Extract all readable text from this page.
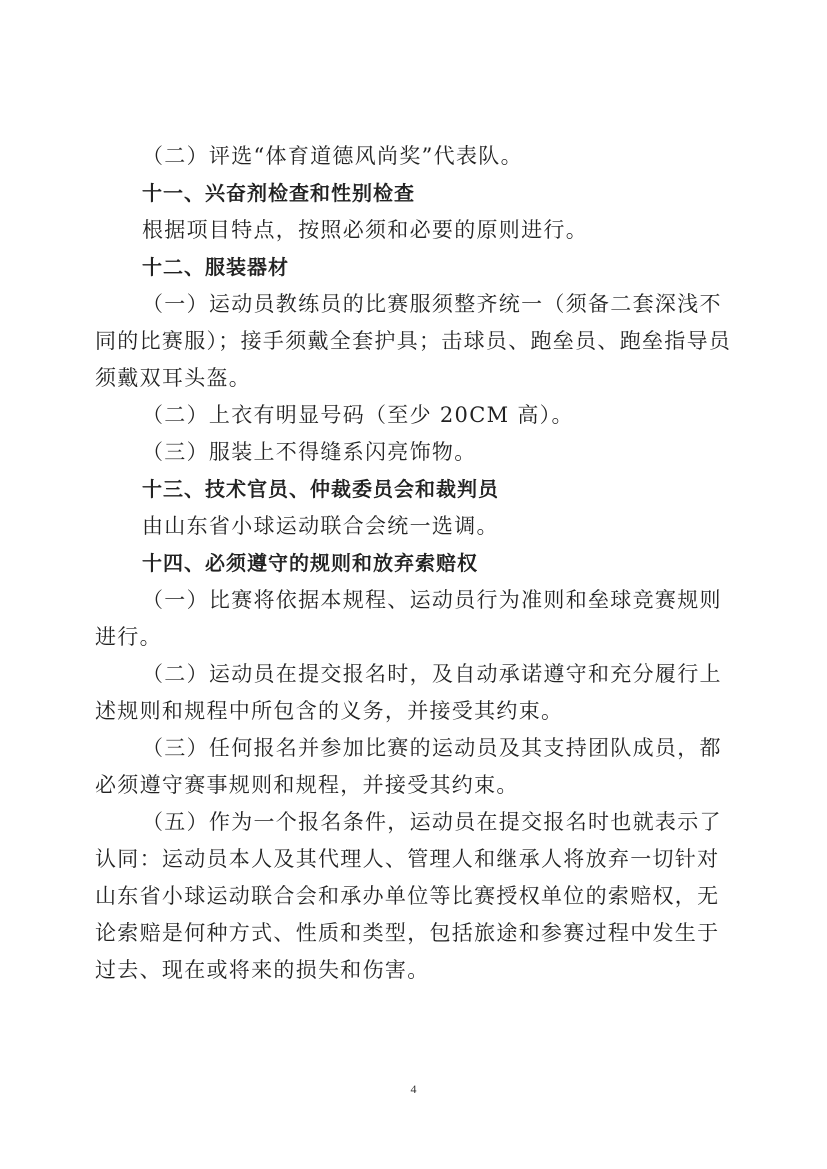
（二）评选“体育道德风尚奖”代表队。
十一、兴奋剂检查和性别检查
根据项目特点，按照必须和必要的原则进行。
十二、服装器材
（一）运动员教练员的比赛服须整齐统一（须备二套深浅不
同的比赛服）；接手须戴全套护具；击球员、跑垒员、跑垒指导员
须戴双耳头盔。
（二）上衣有明显号码（至少 20CM 高）。
（三）服装上不得缝系闪亮饰物。
十三、技术官员、仲裁委员会和裁判员
由山东省小球运动联合会统一选调。
十四、必须遵守的规则和放弃索赔权
（一）比赛将依据本规程、运动员行为准则和垒球竞赛规则
进行。
（二）运动员在提交报名时，及自动承诺遵守和充分履行上
述规则和规程中所包含的义务，并接受其约束。
（三）任何报名并参加比赛的运动员及其支持团队成员，都
必须遵守赛事规则和规程，并接受其约束。
（五）作为一个报名条件，运动员在提交报名时也就表示了
认同：运动员本人及其代理人、管理人和继承人将放弃一切针对
山东省小球运动联合会和承办单位等比赛授权单位的索赔权，无
论索赔是何种方式、性质和类型，包括旅途和参赛过程中发生于
过去、现在或将来的损失和伤害。
4
